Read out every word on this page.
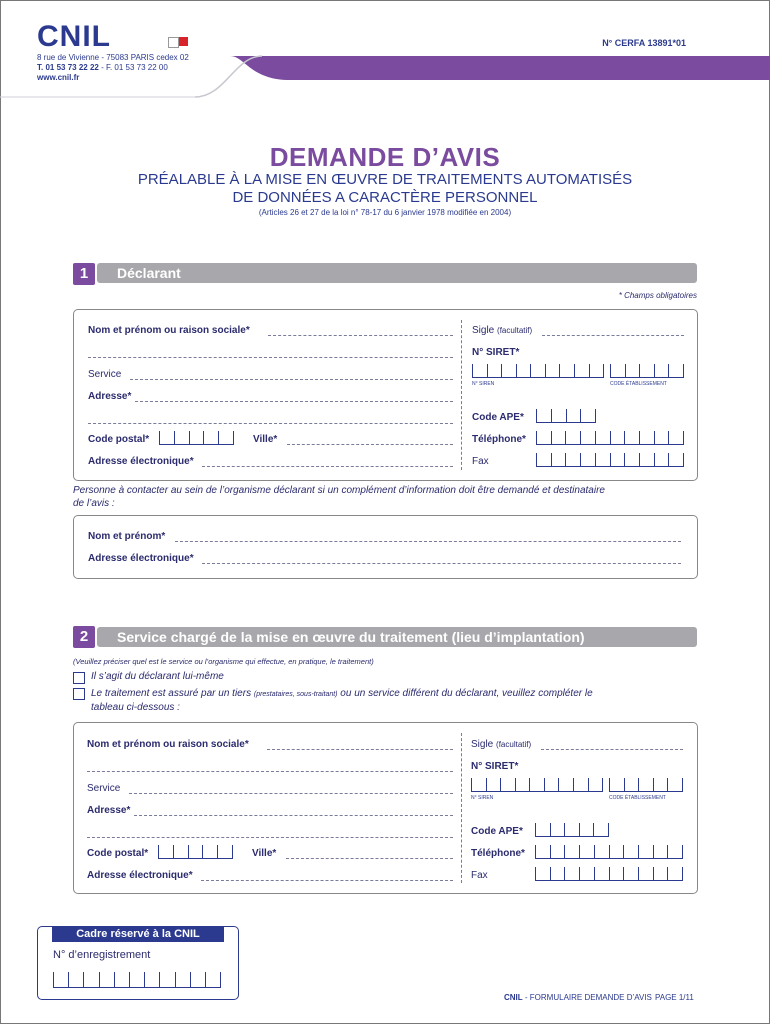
CNIL
8 rue de Vivienne - 75083 PARIS cedex 02
T. 01 53 73 22 22 - F. 01 53 73 22 00
www.cnil.fr
N° CERFA 13891*01
DEMANDE D’AVIS
PRÉALABLE À LA MISE EN ŒUVRE DE TRAITEMENTS AUTOMATISÉS
DE DONNÉES A CARACTÈRE PERSONNEL
(Articles 26 et 27 de la loi n° 78-17 du 6 janvier 1978 modifiée en 2004)
1	Déclarant
* Champs obligatoires
Nom et prénom ou raison sociale*
Service
Adresse*
Code postal*	Ville*
Adresse électronique*
Sigle (facultatif)
N° SIRET*
N° SIREN	CODE ÉTABLISSEMENT
Code APE*
Téléphone*
Fax
Personne à contacter au sein de l’organisme déclarant si un complément d’information doit être demandé et destinataire
de l’avis :
Nom et prénom*
Adresse électronique*
2	Service chargé de la mise en œuvre du traitement (lieu d’implantation)
(Veuillez préciser quel est le service ou l’organisme qui effectue, en pratique, le traitement)
Il s’agit du déclarant lui-même
Le traitement est assuré par un tiers (prestataires, sous-traitant) ou un service différent du déclarant, veuillez compléter le
tableau ci-dessous :
Nom et prénom ou raison sociale*
Service
Adresse*
Code postal*	Ville*
Adresse électronique*
Sigle (facultatif)
N° SIRET*
N° SIREN	CODE ÉTABLISSEMENT
Code APE*
Téléphone*
Fax
Cadre réservé à la CNIL
N° d’enregistrement
CNIL - FORMULAIRE DEMANDE D’AVIS PAGE 1/11
